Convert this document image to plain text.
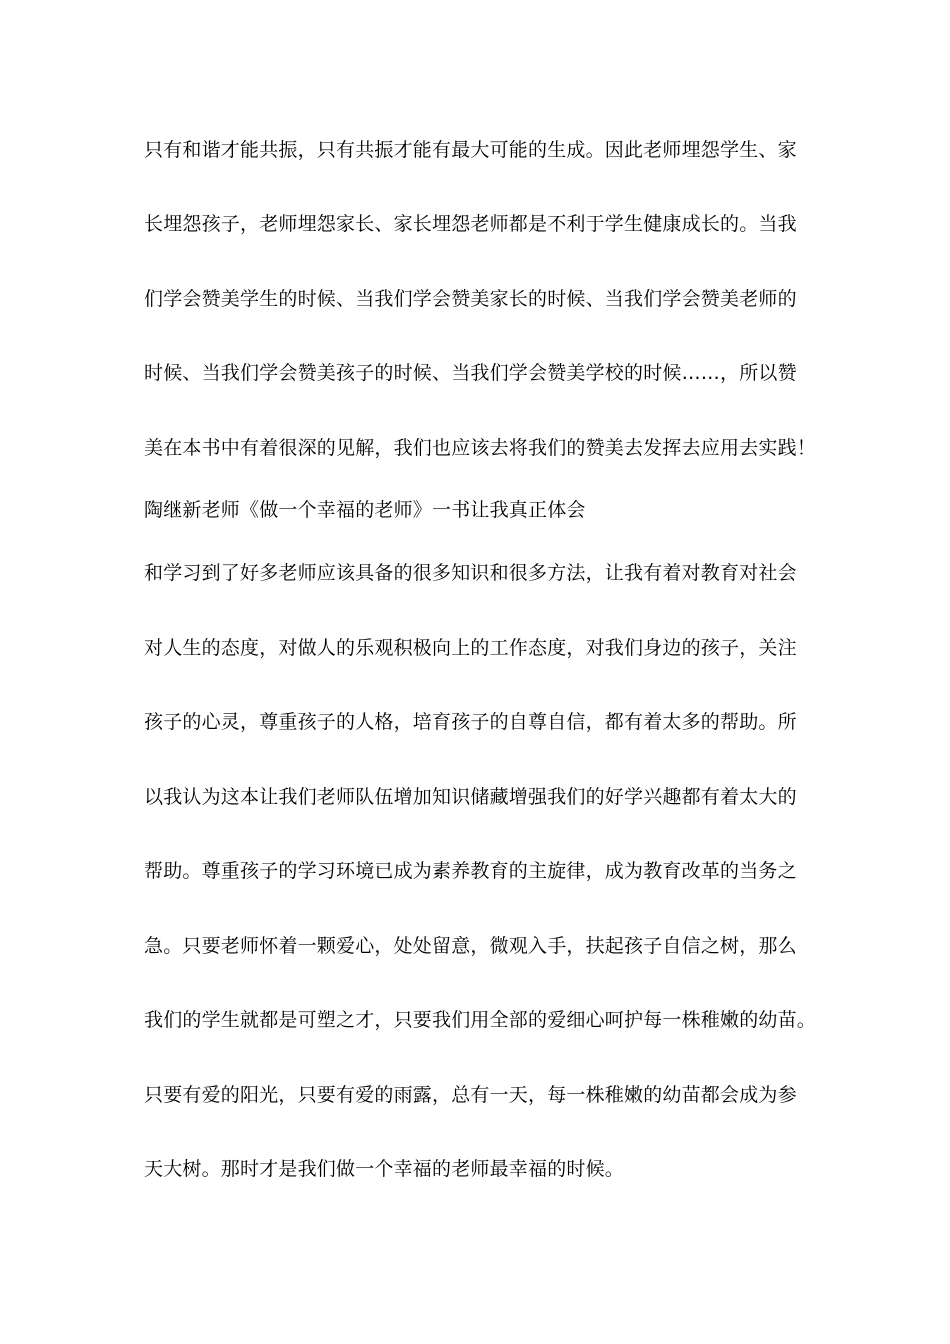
只有和谐才能共振，只有共振才能有最大可能的生成。因此老师埋怨学生、家
长埋怨孩子，老师埋怨家长、家长埋怨老师都是不利于学生健康成长的。当我
们学会赞美学生的时候、当我们学会赞美家长的时候、当我们学会赞美老师的
时候、当我们学会赞美孩子的时候、当我们学会赞美学校的时候……，所以赞
美在本书中有着很深的见解，我们也应该去将我们的赞美去发挥去应用去实践！
陶继新老师《做一个幸福的老师》一书让我真正体会
和学习到了好多老师应该具备的很多知识和很多方法，让我有着对教育对社会
对人生的态度，对做人的乐观积极向上的工作态度，对我们身边的孩子，关注
孩子的心灵，尊重孩子的人格，培育孩子的自尊自信，都有着太多的帮助。所
以我认为这本让我们老师队伍增加知识储藏增强我们的好学兴趣都有着太大的
帮助。尊重孩子的学习环境已成为素养教育的主旋律，成为教育改革的当务之
急。只要老师怀着一颗爱心，处处留意，微观入手，扶起孩子自信之树，那么
我们的学生就都是可塑之才，只要我们用全部的爱细心呵护每一株稚嫩的幼苗。
只要有爱的阳光，只要有爱的雨露，总有一天，每一株稚嫩的幼苗都会成为参
天大树。那时才是我们做一个幸福的老师最幸福的时候。
